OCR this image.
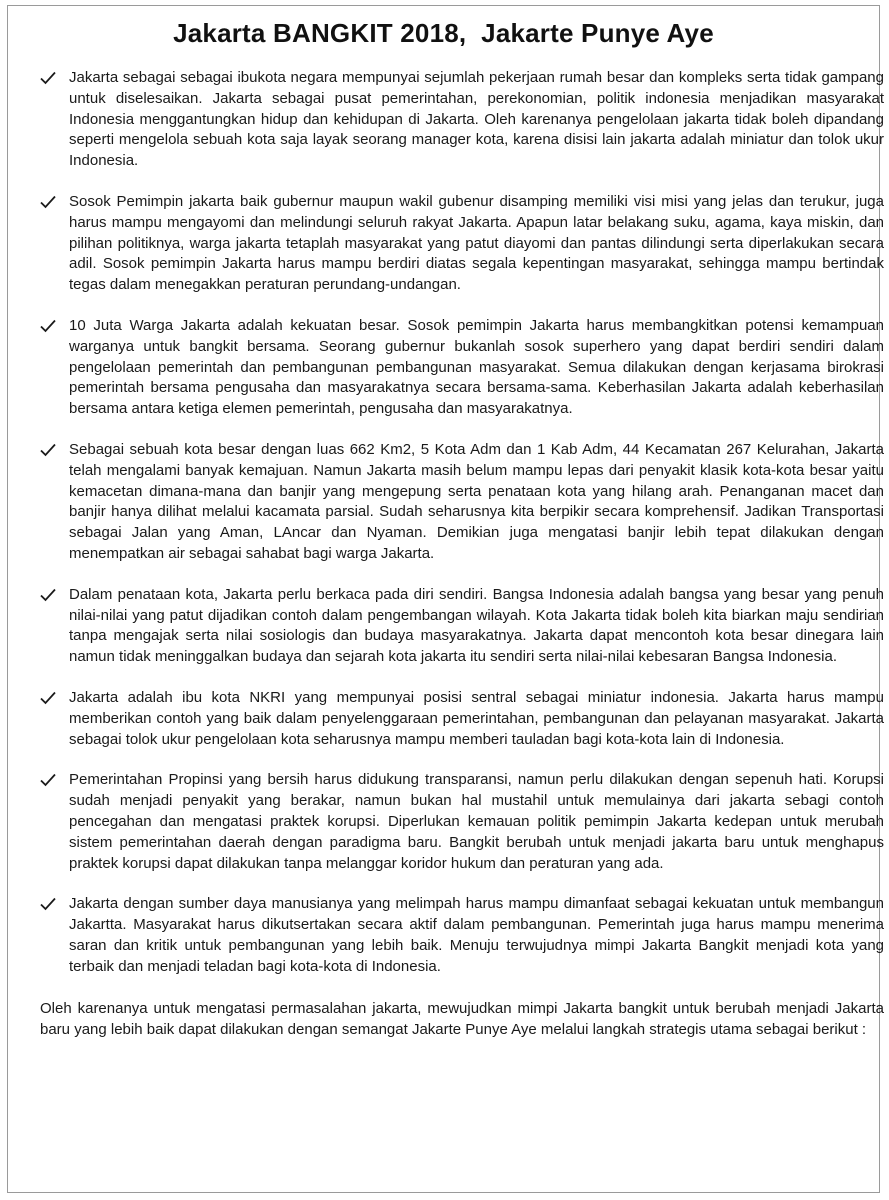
Jakarta BANGKIT 2018,  Jakarte Punye Aye
Jakarta sebagai sebagai ibukota negara mempunyai sejumlah pekerjaan rumah besar dan kompleks serta tidak gampang untuk diselesaikan. Jakarta sebagai pusat pemerintahan, perekonomian, politik indonesia menjadikan masyarakat Indonesia menggantungkan hidup dan kehidupan di Jakarta. Oleh karenanya pengelolaan jakarta tidak boleh dipandang seperti mengelola sebuah kota saja layak seorang manager kota, karena disisi lain jakarta adalah miniatur dan tolok ukur Indonesia.
Sosok Pemimpin jakarta baik gubernur maupun wakil gubenur disamping memiliki visi misi yang jelas dan terukur, juga harus mampu mengayomi dan melindungi seluruh rakyat Jakarta. Apapun latar belakang suku, agama, kaya miskin, dan pilihan politiknya, warga jakarta tetaplah masyarakat yang patut diayomi dan pantas dilindungi serta diperlakukan secara adil. Sosok pemimpin Jakarta harus mampu berdiri diatas segala kepentingan masyarakat, sehingga mampu bertindak tegas dalam menegakkan peraturan perundang-undangan.
10 Juta Warga Jakarta adalah kekuatan besar. Sosok pemimpin Jakarta harus membangkitkan potensi kemampuan warganya untuk bangkit bersama. Seorang gubernur bukanlah sosok superhero yang dapat berdiri sendiri dalam pengelolaan pemerintah dan pembangunan pembangunan masyarakat. Semua dilakukan dengan kerjasama birokrasi pemerintah bersama pengusaha dan masyarakatnya secara bersama-sama. Keberhasilan Jakarta adalah keberhasilan bersama antara ketiga elemen pemerintah, pengusaha dan masyarakatnya.
Sebagai sebuah kota besar dengan luas 662 Km2, 5 Kota Adm dan 1 Kab Adm, 44 Kecamatan 267 Kelurahan, Jakarta telah mengalami banyak kemajuan. Namun Jakarta masih belum mampu lepas dari penyakit klasik kota-kota besar yaitu kemacetan dimana-mana dan banjir yang mengepung serta penataan kota yang hilang arah. Penanganan macet dan banjir hanya dilihat melalui kacamata parsial. Sudah seharusnya kita berpikir secara komprehensif. Jadikan Transportasi sebagai Jalan yang Aman, LAncar dan Nyaman. Demikian juga mengatasi banjir lebih tepat dilakukan dengan menempatkan air sebagai sahabat bagi warga Jakarta.
Dalam penataan kota, Jakarta perlu berkaca pada diri sendiri. Bangsa Indonesia adalah bangsa yang besar yang penuh nilai-nilai yang patut dijadikan contoh dalam pengembangan wilayah. Kota Jakarta tidak boleh kita biarkan maju sendirian tanpa mengajak serta nilai sosiologis dan budaya masyarakatnya. Jakarta dapat mencontoh kota besar dinegara lain namun tidak meninggalkan budaya dan sejarah kota jakarta itu sendiri serta nilai-nilai kebesaran Bangsa Indonesia.
Jakarta adalah ibu kota NKRI yang mempunyai posisi sentral sebagai miniatur indonesia. Jakarta harus mampu memberikan contoh yang baik dalam penyelenggaraan pemerintahan, pembangunan dan pelayanan masyarakat. Jakarta sebagai tolok ukur pengelolaan kota seharusnya mampu memberi tauladan bagi kota-kota lain di Indonesia.
Pemerintahan Propinsi yang bersih harus didukung transparansi, namun perlu dilakukan dengan sepenuh hati. Korupsi sudah menjadi penyakit yang berakar, namun bukan hal mustahil untuk memulainya dari jakarta sebagi contoh pencegahan dan mengatasi praktek korupsi. Diperlukan kemauan politik pemimpin Jakarta kedepan untuk merubah sistem pemerintahan daerah dengan paradigma baru. Bangkit berubah untuk menjadi jakarta baru untuk menghapus praktek korupsi dapat dilakukan tanpa melanggar koridor hukum dan peraturan yang ada.
Jakarta dengan sumber daya manusianya yang melimpah harus mampu dimanfaat sebagai kekuatan untuk membangun Jakartta. Masyarakat harus dikutsertakan secara aktif dalam pembangunan. Pemerintah juga harus mampu menerima saran dan kritik untuk pembangunan yang lebih baik. Menuju terwujudnya mimpi Jakarta Bangkit menjadi kota yang terbaik dan menjadi teladan bagi kota-kota di Indonesia.
Oleh karenanya untuk mengatasi permasalahan jakarta, mewujudkan mimpi Jakarta bangkit untuk berubah menjadi Jakarta baru yang lebih baik dapat dilakukan dengan semangat Jakarte Punye Aye melalui langkah strategis utama sebagai berikut :
